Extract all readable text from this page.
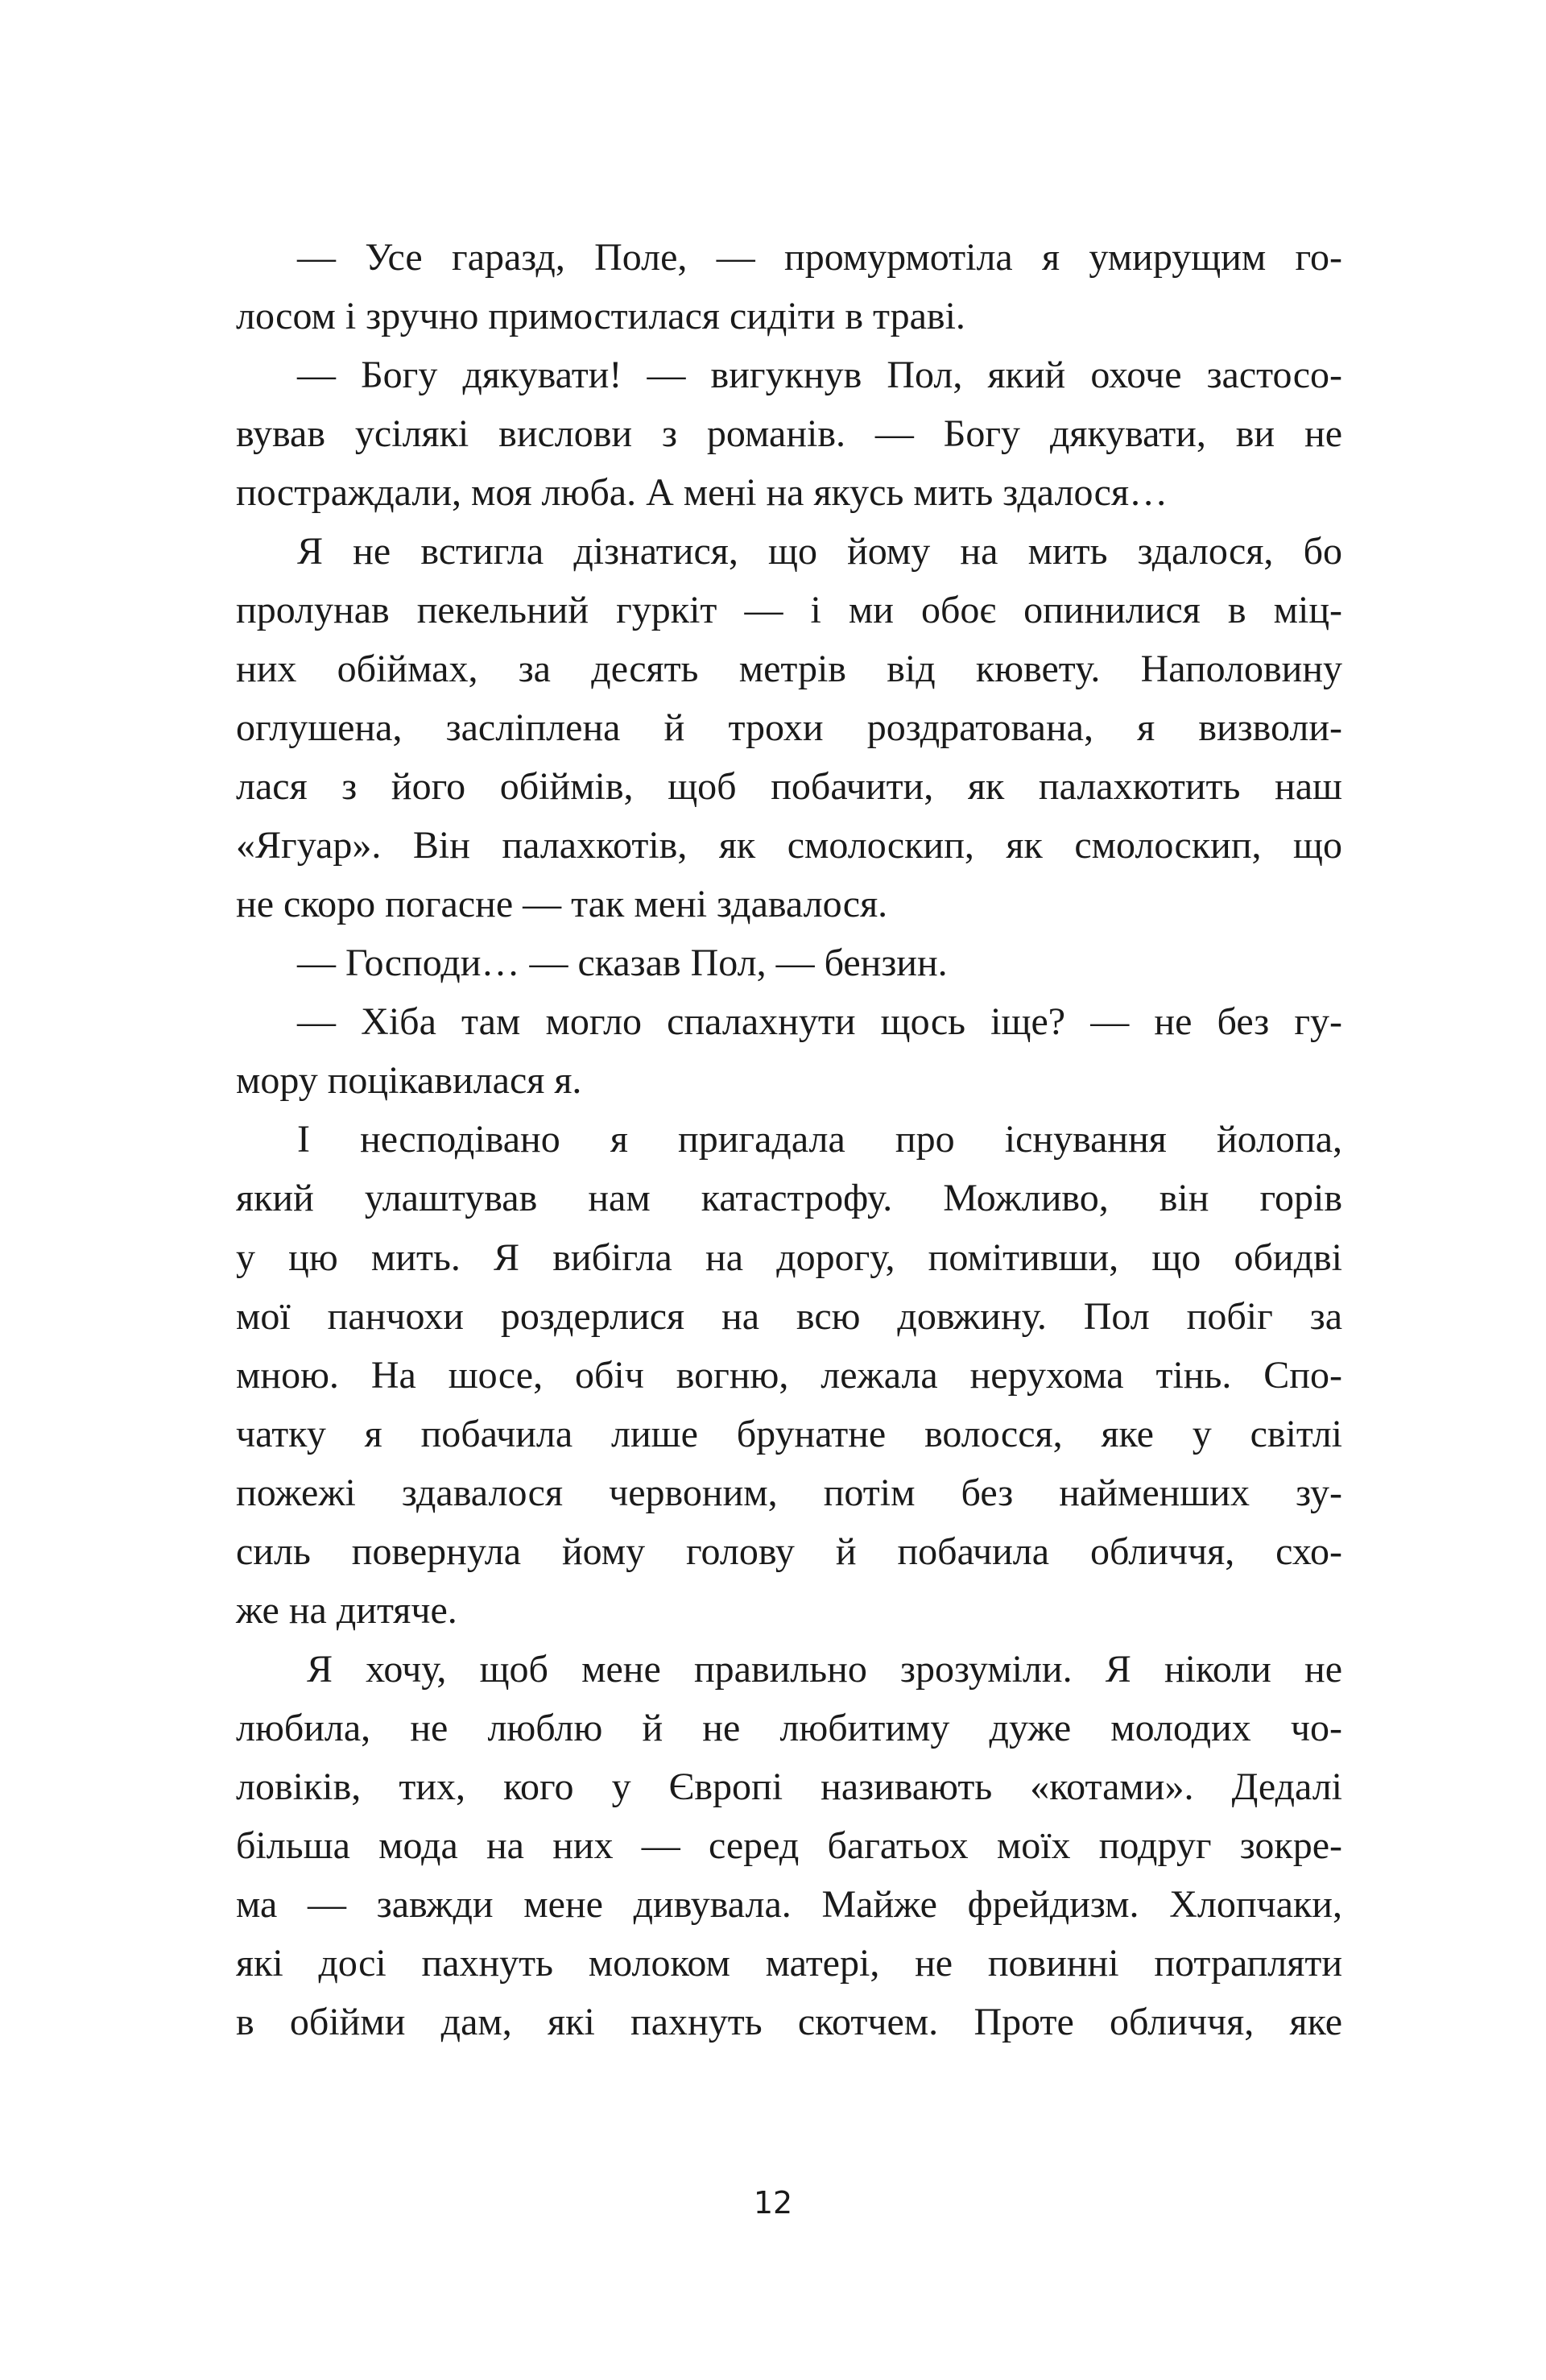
— Усе гаразд, Поле, — промурмотіла я умирущим го-
лосом і зручно примостилася сидіти в траві.
— Богу дякувати! — вигукнув Пол, який охоче застосо-
вував усілякі вислови з романів. — Богу дякувати, ви не
постраждали, моя люба. А мені на якусь мить здалося…
Я не встигла дізнатися, що йому на мить здалося, бо
пролунав пекельний гуркіт — і ми обоє опинилися в міц-
них обіймах, за десять метрів від кювету. Наполовину
оглушена, засліплена й трохи роздратована, я визволи-
лася з його обіймів, щоб побачити, як палахкотить наш
«Ягуар». Він палахкотів, як смолоскип, як смолоскип, що
не скоро погасне — так мені здавалося.
— Господи… — сказав Пол, — бензин.
— Хіба там могло спалахнути щось іще? — не без гу-
мору поцікавилася я.
І несподівано я пригадала про існування йолопа,
який улаштував нам катастрофу. Можливо, він горів
у цю мить. Я вибігла на дорогу, помітивши, що обидві
мої панчохи роздерлися на всю довжину. Пол побіг за
мною. На шосе, обіч вогню, лежала нерухома тінь. Спо-
чатку я побачила лише брунатне волосся, яке у світлі
пожежі здавалося червоним, потім без найменших зу-
силь повернула йому голову й побачила обличчя, схо-
же на дитяче.
Я хочу, щоб мене правильно зрозуміли. Я ніколи не
любила, не люблю й не любитиму дуже молодих чо-
ловіків, тих, кого у Європі називають «котами». Дедалі
більша мода на них — серед багатьох моїх подруг зокре-
ма — завжди мене дивувала. Майже фрейдизм. Хлопчаки,
які досі пахнуть молоком матері, не повинні потрапляти
в обійми дам, які пахнуть скотчем. Проте обличчя, яке
12
